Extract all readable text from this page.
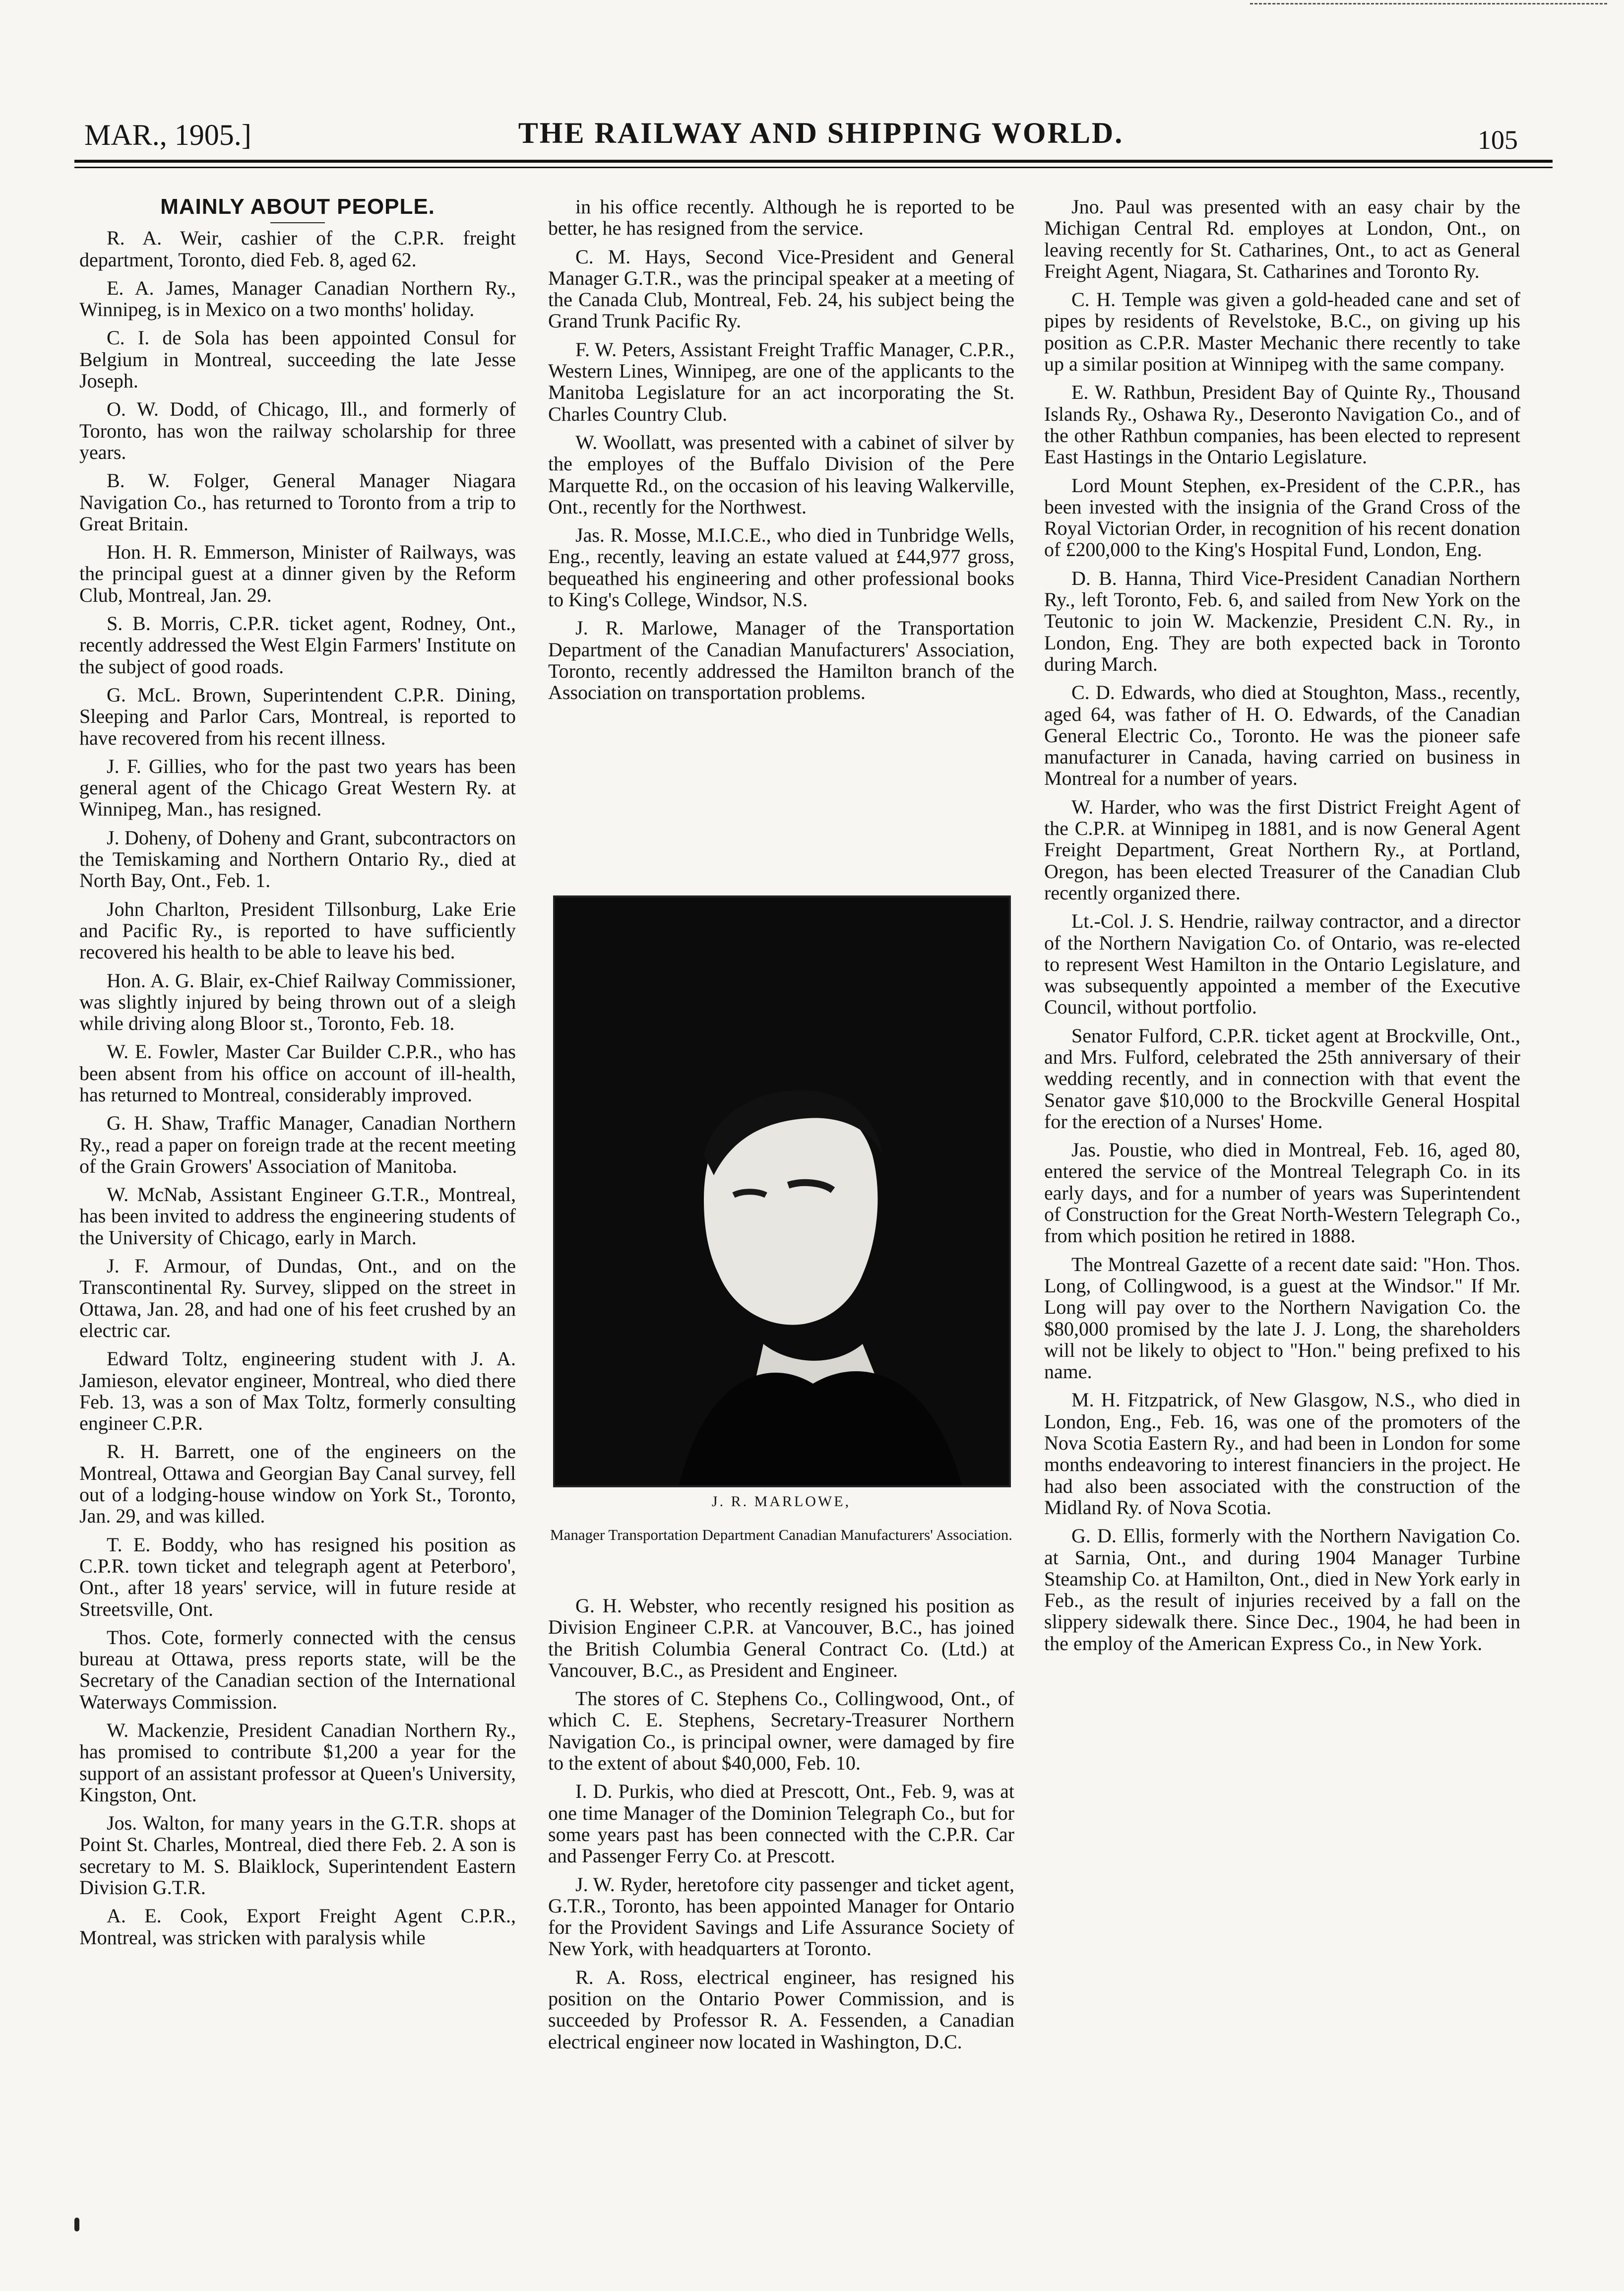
MAR., 1905.]	THE RAILWAY AND SHIPPING WORLD.	105
MAINLY ABOUT PEOPLE.

R. A. Weir, cashier of the C.P.R. freight department, Toronto, died Feb. 8, aged 62.

E. A. James, Manager Canadian Northern Ry., Winnipeg, is in Mexico on a two months' holiday.

C. I. de Sola has been appointed Consul for Belgium in Montreal, succeeding the late Jesse Joseph.

O. W. Dodd, of Chicago, Ill., and formerly of Toronto, has won the railway scholarship for three years.

B. W. Folger, General Manager Niagara Navigation Co., has returned to Toronto from a trip to Great Britain.

Hon. H. R. Emmerson, Minister of Railways, was the principal guest at a dinner given by the Reform Club, Montreal, Jan. 29.

S. B. Morris, C.P.R. ticket agent, Rodney, Ont., recently addressed the West Elgin Farmers' Institute on the subject of good roads.

G. McL. Brown, Superintendent C.P.R. Dining, Sleeping and Parlor Cars, Montreal, is reported to have recovered from his recent illness.

J. F. Gillies, who for the past two years has been general agent of the Chicago Great Western Ry. at Winnipeg, Man., has resigned.

J. Doheny, of Doheny and Grant, subcontractors on the Temiskaming and Northern Ontario Ry., died at North Bay, Ont., Feb. 1.

John Charlton, President Tillsonburg, Lake Erie and Pacific Ry., is reported to have sufficiently recovered his health to be able to leave his bed.

Hon. A. G. Blair, ex-Chief Railway Commissioner, was slightly injured by being thrown out of a sleigh while driving along Bloor st., Toronto, Feb. 18.

W. E. Fowler, Master Car Builder C.P.R., who has been absent from his office on account of ill-health, has returned to Montreal, considerably improved.

G. H. Shaw, Traffic Manager, Canadian Northern Ry., read a paper on foreign trade at the recent meeting of the Grain Growers' Association of Manitoba.

W. McNab, Assistant Engineer G.T.R., Montreal, has been invited to address the engineering students of the University of Chicago, early in March.

J. F. Armour, of Dundas, Ont., and on the Transcontinental Ry. Survey, slipped on the street in Ottawa, Jan. 28, and had one of his feet crushed by an electric car.

Edward Toltz, engineering student with J. A. Jamieson, elevator engineer, Montreal, who died there Feb. 13, was a son of Max Toltz, formerly consulting engineer C.P.R.

R. H. Barrett, one of the engineers on the Montreal, Ottawa and Georgian Bay Canal survey, fell out of a lodging-house window on York St., Toronto, Jan. 29, and was killed.

T. E. Boddy, who has resigned his position as C.P.R. town ticket and telegraph agent at Peterboro', Ont., after 18 years' service, will in future reside at Streetsville, Ont.

Thos. Cote, formerly connected with the census bureau at Ottawa, press reports state, will be the Secretary of the Canadian section of the International Waterways Commission.

W. Mackenzie, President Canadian Northern Ry., has promised to contribute $1,200 a year for the support of an assistant professor at Queen's University, Kingston, Ont.

Jos. Walton, for many years in the G.T.R. shops at Point St. Charles, Montreal, died there Feb. 2. A son is secretary to M. S. Blaiklock, Superintendent Eastern Division G.T.R.

A. E. Cook, Export Freight Agent C.P.R., Montreal, was stricken with paralysis while

in his office recently. Although he is reported to be better, he has resigned from the service.

C. M. Hays, Second Vice-President and General Manager G.T.R., was the principal speaker at a meeting of the Canada Club, Montreal, Feb. 24, his subject being the Grand Trunk Pacific Ry.

F. W. Peters, Assistant Freight Traffic Manager, C.P.R., Western Lines, Winnipeg, are one of the applicants to the Manitoba Legislature for an act incorporating the St. Charles Country Club.

W. Woollatt, was presented with a cabinet of silver by the employes of the Buffalo Division of the Pere Marquette Rd., on the occasion of his leaving Walkerville, Ont., recently for the Northwest.

Jas. R. Mosse, M.I.C.E., who died in Tunbridge Wells, Eng., recently, leaving an estate valued at £44,977 gross, bequeathed his engineering and other professional books to King's College, Windsor, N.S.

J. R. Marlowe, Manager of the Transportation Department of the Canadian Manufacturers' Association, Toronto, recently addressed the Hamilton branch of the Association on transportation problems.

J. R. MARLOWE,
Manager Transportation Department Canadian Manufacturers' Association.

G. H. Webster, who recently resigned his position as Division Engineer C.P.R. at Vancouver, B.C., has joined the British Columbia General Contract Co. (Ltd.) at Vancouver, B.C., as President and Engineer.

The stores of C. Stephens Co., Collingwood, Ont., of which C. E. Stephens, Secretary-Treasurer Northern Navigation Co., is principal owner, were damaged by fire to the extent of about $40,000, Feb. 10.

I. D. Purkis, who died at Prescott, Ont., Feb. 9, was at one time Manager of the Dominion Telegraph Co., but for some years past has been connected with the C.P.R. Car and Passenger Ferry Co. at Prescott.

J. W. Ryder, heretofore city passenger and ticket agent, G.T.R., Toronto, has been appointed Manager for Ontario for the Provident Savings and Life Assurance Society of New York, with headquarters at Toronto.

R. A. Ross, electrical engineer, has resigned his position on the Ontario Power Commission, and is succeeded by Professor R. A. Fessenden, a Canadian electrical engineer now located in Washington, D.C.

Jno. Paul was presented with an easy chair by the Michigan Central Rd. employes at London, Ont., on leaving recently for St. Catharines, Ont., to act as General Freight Agent, Niagara, St. Catharines and Toronto Ry.

C. H. Temple was given a gold-headed cane and set of pipes by residents of Revelstoke, B.C., on giving up his position as C.P.R. Master Mechanic there recently to take up a similar position at Winnipeg with the same company.

E. W. Rathbun, President Bay of Quinte Ry., Thousand Islands Ry., Oshawa Ry., Deseronto Navigation Co., and of the other Rathbun companies, has been elected to represent East Hastings in the Ontario Legislature.

Lord Mount Stephen, ex-President of the C.P.R., has been invested with the insignia of the Grand Cross of the Royal Victorian Order, in recognition of his recent donation of £200,000 to the King's Hospital Fund, London, Eng.

D. B. Hanna, Third Vice-President Canadian Northern Ry., left Toronto, Feb. 6, and sailed from New York on the Teutonic to join W. Mackenzie, President C.N. Ry., in London, Eng. They are both expected back in Toronto during March.

C. D. Edwards, who died at Stoughton, Mass., recently, aged 64, was father of H. O. Edwards, of the Canadian General Electric Co., Toronto. He was the pioneer safe manufacturer in Canada, having carried on business in Montreal for a number of years.

W. Harder, who was the first District Freight Agent of the C.P.R. at Winnipeg in 1881, and is now General Agent Freight Department, Great Northern Ry., at Portland, Oregon, has been elected Treasurer of the Canadian Club recently organized there.

Lt.-Col. J. S. Hendrie, railway contractor, and a director of the Northern Navigation Co. of Ontario, was re-elected to represent West Hamilton in the Ontario Legislature, and was subsequently appointed a member of the Executive Council, without portfolio.

Senator Fulford, C.P.R. ticket agent at Brockville, Ont., and Mrs. Fulford, celebrated the 25th anniversary of their wedding recently, and in connection with that event the Senator gave $10,000 to the Brockville General Hospital for the erection of a Nurses' Home.

Jas. Poustie, who died in Montreal, Feb. 16, aged 80, entered the service of the Montreal Telegraph Co. in its early days, and for a number of years was Superintendent of Construction for the Great North-Western Telegraph Co., from which position he retired in 1888.

The Montreal Gazette of a recent date said: "Hon. Thos. Long, of Collingwood, is a guest at the Windsor." If Mr. Long will pay over to the Northern Navigation Co. the $80,000 promised by the late J. J. Long, the shareholders will not be likely to object to "Hon." being prefixed to his name.

M. H. Fitzpatrick, of New Glasgow, N.S., who died in London, Eng., Feb. 16, was one of the promoters of the Nova Scotia Eastern Ry., and had been in London for some months endeavoring to interest financiers in the project. He had also been associated with the construction of the Midland Ry. of Nova Scotia.

G. D. Ellis, formerly with the Northern Navigation Co. at Sarnia, Ont., and during 1904 Manager Turbine Steamship Co. at Hamilton, Ont., died in New York early in Feb., as the result of injuries received by a fall on the slippery sidewalk there. Since Dec., 1904, he had been in the employ of the American Express Co., in New York.
